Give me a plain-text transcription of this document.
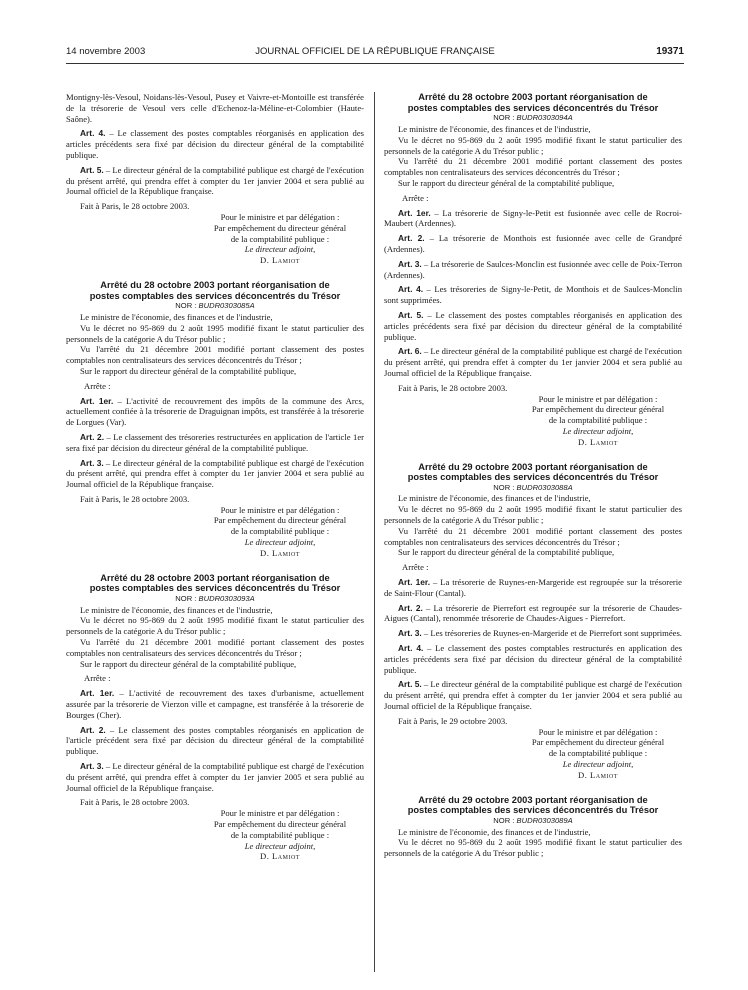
14 novembre 2003	JOURNAL OFFICIEL DE LA RÉPUBLIQUE FRANÇAISE	19371

Montigny-lès-Vesoul, Noidans-lès-Vesoul, Pusey et Vaivre-et-Montoille est transférée de la trésorerie de Vesoul vers celle d'Echenoz-la-Méline-et-Colombier (Haute-Saône).

Art. 4. – Le classement des postes comptables réorganisés en application des articles précédents sera fixé par décision du directeur général de la comptabilité publique.

Art. 5. – Le directeur général de la comptabilité publique est chargé de l'exécution du présent arrêté, qui prendra effet à compter du 1er janvier 2004 et sera publié au Journal officiel de la République française.

Fait à Paris, le 28 octobre 2003.

Pour le ministre et par délégation :
Par empêchement du directeur général
de la comptabilité publique :
Le directeur adjoint,
D. Lamiot

Arrêté du 28 octobre 2003 portant réorganisation de postes comptables des services déconcentrés du Trésor

NOR : BUDR0303085A

Le ministre de l'économie, des finances et de l'industrie,

Vu le décret no 95-869 du 2 août 1995 modifié fixant le statut particulier des personnels de la catégorie A du Trésor public ;

Vu l'arrêté du 21 décembre 2001 modifié portant classement des postes comptables non centralisateurs des services déconcentrés du Trésor ;

Sur le rapport du directeur général de la comptabilité publique,

Arrête :

Art. 1er. – L'activité de recouvrement des impôts de la commune des Arcs, actuellement confiée à la trésorerie de Draguignan impôts, est transférée à la trésorerie de Lorgues (Var).

Art. 2. – Le classement des trésoreries restructurées en application de l'article 1er sera fixé par décision du directeur général de la comptabilité publique.

Art. 3. – Le directeur général de la comptabilité publique est chargé de l'exécution du présent arrêté, qui prendra effet à compter du 1er janvier 2004 et sera publié au Journal officiel de la République française.

Fait à Paris, le 28 octobre 2003.

Pour le ministre et par délégation :
Par empêchement du directeur général
de la comptabilité publique :
Le directeur adjoint,
D. Lamiot

Arrêté du 28 octobre 2003 portant réorganisation de postes comptables des services déconcentrés du Trésor

NOR : BUDR0303093A

Le ministre de l'économie, des finances et de l'industrie,

Vu le décret no 95-869 du 2 août 1995 modifié fixant le statut particulier des personnels de la catégorie A du Trésor public ;

Vu l'arrêté du 21 décembre 2001 modifié portant classement des postes comptables non centralisateurs des services déconcentrés du Trésor ;

Sur le rapport du directeur général de la comptabilité publique,

Arrête :

Art. 1er. – L'activité de recouvrement des taxes d'urbanisme, actuellement assurée par la trésorerie de Vierzon ville et campagne, est transférée à la trésorerie de Bourges (Cher).

Art. 2. – Le classement des postes comptables réorganisés en application de l'article précédent sera fixé par décision du directeur général de la comptabilité publique.

Art. 3. – Le directeur général de la comptabilité publique est chargé de l'exécution du présent arrêté, qui prendra effet à compter du 1er janvier 2005 et sera publié au Journal officiel de la République française.

Fait à Paris, le 28 octobre 2003.

Pour le ministre et par délégation :
Par empêchement du directeur général
de la comptabilité publique :
Le directeur adjoint,
D. Lamiot

Arrêté du 28 octobre 2003 portant réorganisation de postes comptables des services déconcentrés du Trésor

NOR : BUDR0303094A

Le ministre de l'économie, des finances et de l'industrie,

Vu le décret no 95-869 du 2 août 1995 modifié fixant le statut particulier des personnels de la catégorie A du Trésor public ;

Vu l'arrêté du 21 décembre 2001 modifié portant classement des postes comptables non centralisateurs des services déconcentrés du Trésor ;

Sur le rapport du directeur général de la comptabilité publique,

Arrête :

Art. 1er. – La trésorerie de Signy-le-Petit est fusionnée avec celle de Rocroi-Maubert (Ardennes).

Art. 2. – La trésorerie de Monthois est fusionnée avec celle de Grandpré (Ardennes).

Art. 3. – La trésorerie de Saulces-Monclin est fusionnée avec celle de Poix-Terron (Ardennes).

Art. 4. – Les trésoreries de Signy-le-Petit, de Monthois et de Saulces-Monclin sont supprimées.

Art. 5. – Le classement des postes comptables réorganisés en application des articles précédents sera fixé par décision du directeur général de la comptabilité publique.

Art. 6. – Le directeur général de la comptabilité publique est chargé de l'exécution du présent arrêté, qui prendra effet à compter du 1er janvier 2004 et sera publié au Journal officiel de la République française.

Fait à Paris, le 28 octobre 2003.

Pour le ministre et par délégation :
Par empêchement du directeur général
de la comptabilité publique :
Le directeur adjoint,
D. Lamiot

Arrêté du 29 octobre 2003 portant réorganisation de postes comptables des services déconcentrés du Trésor

NOR : BUDR0303088A

Le ministre de l'économie, des finances et de l'industrie,

Vu le décret no 95-869 du 2 août 1995 modifié fixant le statut particulier des personnels de la catégorie A du Trésor public ;

Vu l'arrêté du 21 décembre 2001 modifié portant classement des postes comptables non centralisateurs des services déconcentrés du Trésor ;

Sur le rapport du directeur général de la comptabilité publique,

Arrête :

Art. 1er. – La trésorerie de Ruynes-en-Margeride est regroupée sur la trésorerie de Saint-Flour (Cantal).

Art. 2. – La trésorerie de Pierrefort est regroupée sur la trésorerie de Chaudes-Aigues (Cantal), renommée trésorerie de Chaudes-Aigues - Pierrefort.

Art. 3. – Les trésoreries de Ruynes-en-Margeride et de Pierrefort sont supprimées.

Art. 4. – Le classement des postes comptables restructurés en application des articles précédents sera fixé par décision du directeur général de la comptabilité publique.

Art. 5. – Le directeur général de la comptabilité publique est chargé de l'exécution du présent arrêté, qui prendra effet à compter du 1er janvier 2004 et sera publié au Journal officiel de la République française.

Fait à Paris, le 29 octobre 2003.

Pour le ministre et par délégation :
Par empêchement du directeur général
de la comptabilité publique :
Le directeur adjoint,
D. Lamiot

Arrêté du 29 octobre 2003 portant réorganisation de postes comptables des services déconcentrés du Trésor

NOR : BUDR0303089A

Le ministre de l'économie, des finances et de l'industrie,

Vu le décret no 95-869 du 2 août 1995 modifié fixant le statut particulier des personnels de la catégorie A du Trésor public ;
